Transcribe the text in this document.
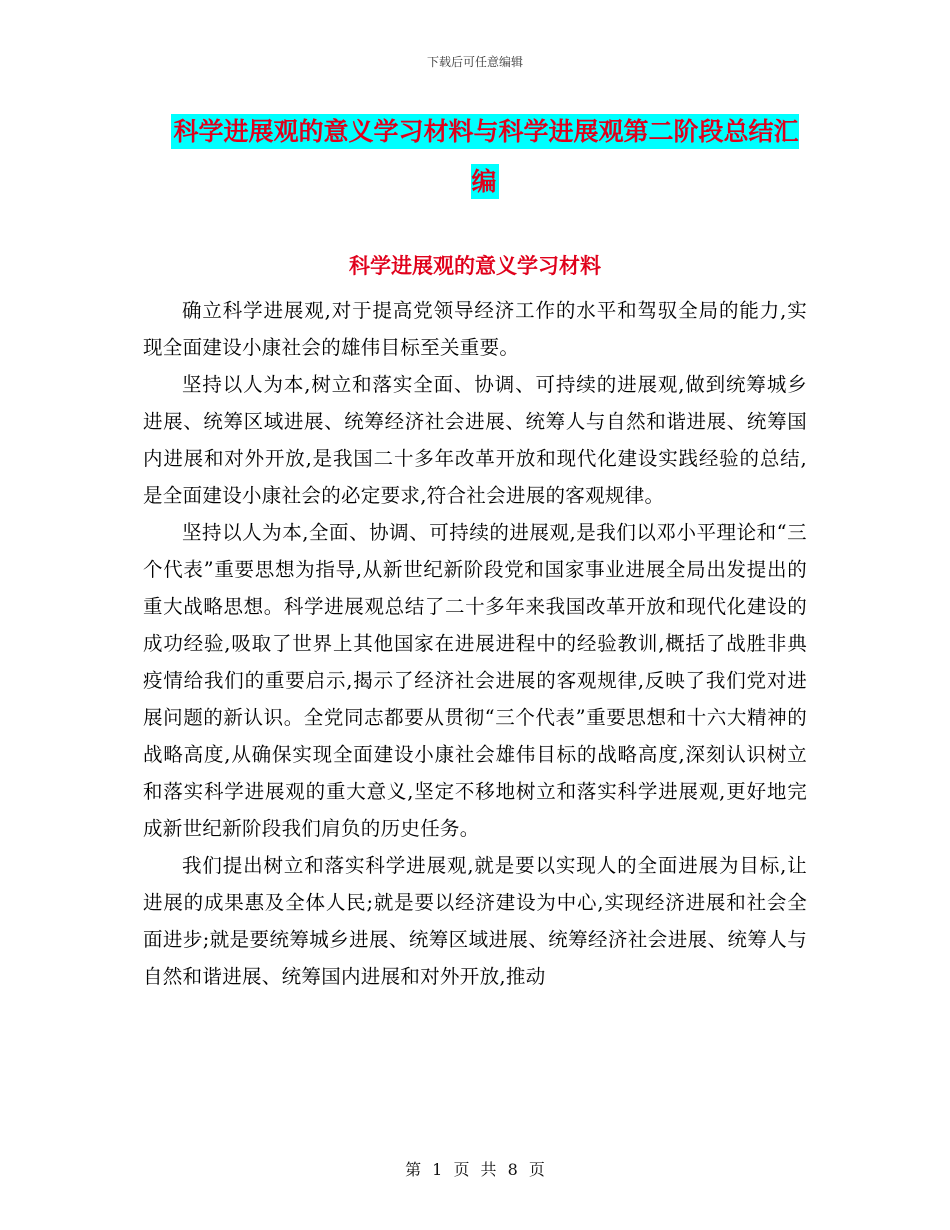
下载后可任意编辑
科学进展观的意义学习材料与科学进展观第二阶段总结汇编
科学进展观的意义学习材料

确立科学进展观,对于提高党领导经济工作的水平和驾驭全局的能力,实现全面建设小康社会的雄伟目标至关重要。

坚持以人为本,树立和落实全面、协调、可持续的进展观,做到统筹城乡进展、统筹区域进展、统筹经济社会进展、统筹人与自然和谐进展、统筹国内进展和对外开放,是我国二十多年改革开放和现代化建设实践经验的总结,是全面建设小康社会的必定要求,符合社会进展的客观规律。

坚持以人为本,全面、协调、可持续的进展观,是我们以邓小平理论和“三个代表”重要思想为指导,从新世纪新阶段党和国家事业进展全局出发提出的重大战略思想。科学进展观总结了二十多年来我国改革开放和现代化建设的成功经验,吸取了世界上其他国家在进展进程中的经验教训,概括了战胜非典疫情给我们的重要启示,揭示了经济社会进展的客观规律,反映了我们党对进展问题的新认识。全党同志都要从贯彻“三个代表”重要思想和十六大精神的战略高度,从确保实现全面建设小康社会雄伟目标的战略高度,深刻认识树立和落实科学进展观的重大意义,坚定不移地树立和落实科学进展观,更好地完成新世纪新阶段我们肩负的历史任务。

我们提出树立和落实科学进展观,就是要以实现人的全面进展为目标,让进展的成果惠及全体人民;就是要以经济建设为中心,实现经济进展和社会全面进步;就是要统筹城乡进展、统筹区域进展、统筹经济社会进展、统筹人与自然和谐进展、统筹国内进展和对外开放,推动

第 1 页 共 8 页
